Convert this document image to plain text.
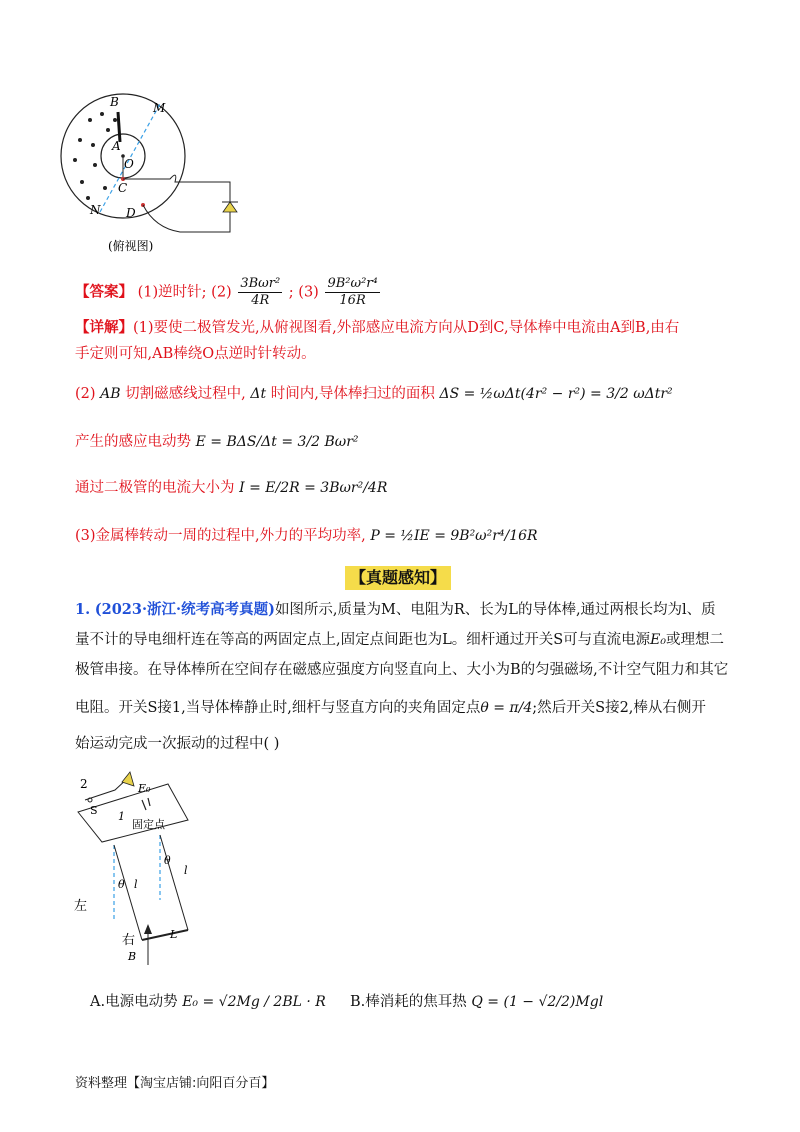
B	M
A
O
C
N D
(俯视图)
【答案】 (1)逆时针; $(2) \frac{\text{3Bωr²}}{4R}$ ; $(3) \frac{\text{9B²ω²r⁴}}{16R}$
【详解】(1)要使二极管发光,从俯视图看,外部感应电流方向从D到C,导体棒中电流由A到B,由右
手定则可知,AB棒绕O点逆时针转动。
(2) AB 切割磁感线过程中, Δt 时间内,导体棒扫过的面积 ΔS = ½ωΔt(4r² − r²) = 3/2 ωΔtr²
产生的感应电动势 E = BΔS/Δt = 3/2 Bωr²
通过二极管的电流大小为 I = E/2R = 3Bωr²/4R
(3)金属棒转动一周的过程中,外力的平均功率, P = ½IE = 9B²ω²r⁴/16R
【真题感知】
1. (2023·浙江·统考高考真题)如图所示,质量为M、电阻为R、长为L的导体棒,通过两根长均为l、质
量不计的导电细杆连在等高的两固定点上,固定点间距也为L。细杆通过开关S可与直流电源E₀或理想二
极管串接。在导体棒所在空间存在磁感应强度方向竖直向上、大小为B的匀强磁场,不计空气阻力和其它
电阻。开关S接1,当导体棒静止时,细杆与竖直方向的夹角固定点θ = π/4;然后开关S接2,棒从右侧开
始运动完成一次振动的过程中( )
2
1
S
E₀
固定点
θ
θ
l
l
左
右
B
L
A.电源电动势 E₀ = √2Mg / 2BL · R B.棒消耗的焦耳热 Q = (1 − √2/2)Mgl
资料整理【淘宝店铺:向阳百分百】
